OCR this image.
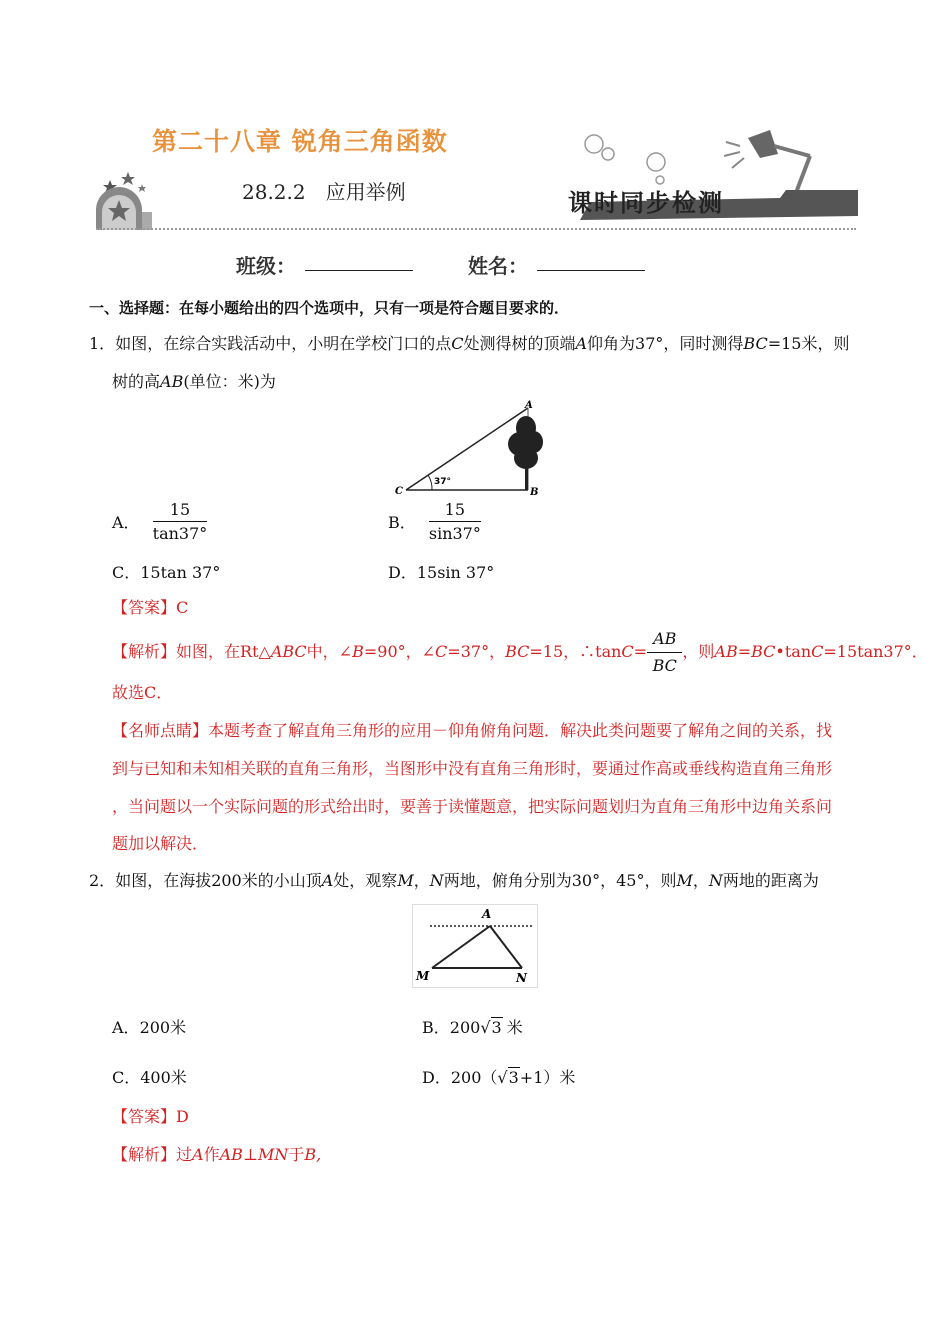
第二十八章 锐角三角函数
28.2.2　应用举例	课时同步检测
班级：	姓名：
一、选择题：在每小题给出的四个选项中，只有一项是符合题目要求的．
1．如图，在综合实践活动中，小明在学校门口的点C处测得树的顶端A仰角为37°，同时测得BC=15米，则
树的高AB(单位：米)为
A
B
C
37°
A． $\frac{15}{\tan 37^\circ}$	B． $\frac{15}{\sin 37^\circ}$
C．15tan 37°	D．15sin 37°
【答案】C
【解析】如图，在Rt△ABC中，∠B=90°，∠C=37°，BC=15，∴tanC= $\frac{AB}{BC}$ ，则AB=BC•tanC=15tan37°．
故选C．
【名师点睛】本题考查了解直角三角形的应用－仰角俯角问题．解决此类问题要了解角之间的关系，找
到与已知和未知相关联的直角三角形，当图形中没有直角三角形时，要通过作高或垂线构造直角三角形
，当问题以一个实际问题的形式给出时，要善于读懂题意，把实际问题划归为直角三角形中边角关系问
题加以解决．
2．如图，在海拔200米的小山顶A处，观察M，N两地，俯角分别为30°，45°，则M，N两地的距离为
A
M	N
A．200米	B．200√3 米
C．400米	D．200（√3+1）米
【答案】D
【解析】过A作AB⊥MN于B,
